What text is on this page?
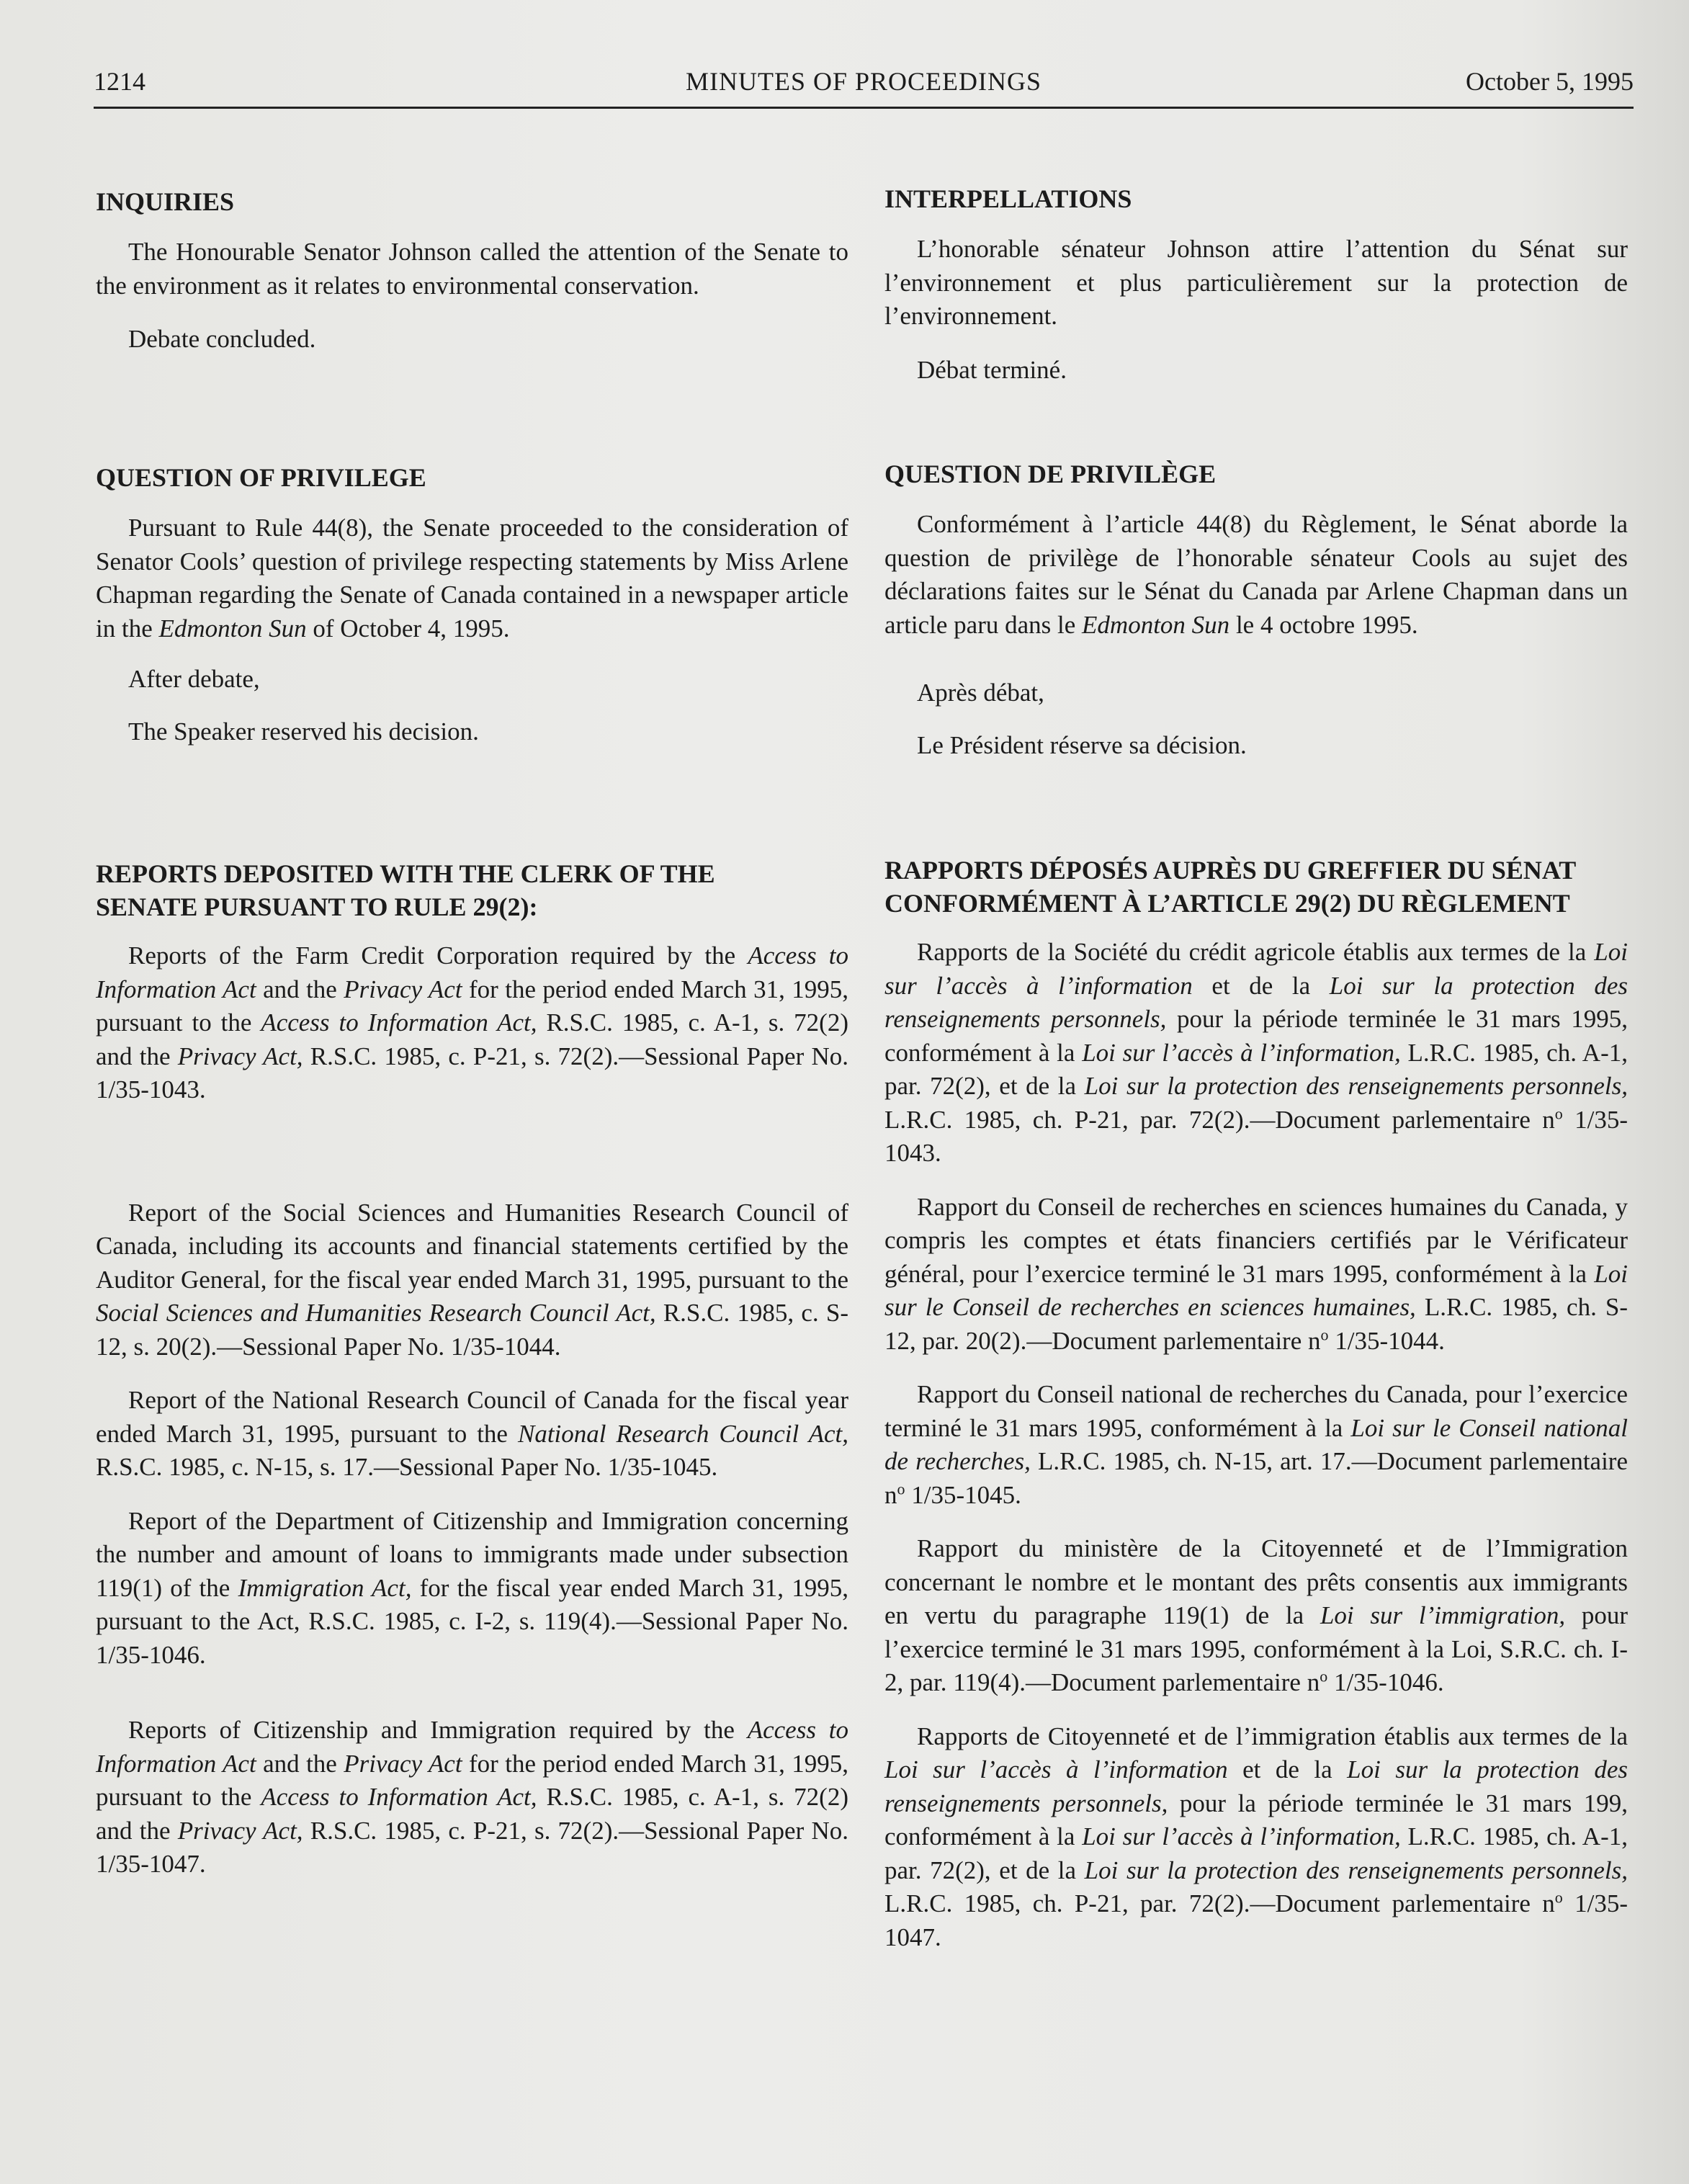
1214	MINUTES OF PROCEEDINGS	October 5, 1995
INQUIRIES

The Honourable Senator Johnson called the attention of the Senate to the environment as it relates to environmental conservation.

Debate concluded.

QUESTION OF PRIVILEGE

Pursuant to Rule 44(8), the Senate proceeded to the consideration of Senator Cools’ question of privilege respecting statements by Miss Arlene Chapman regarding the Senate of Canada contained in a newspaper article in the Edmonton Sun of October 4, 1995.

After debate,

The Speaker reserved his decision.

REPORTS DEPOSITED WITH THE CLERK OF THE
SENATE PURSUANT TO RULE 29(2):

Reports of the Farm Credit Corporation required by the Access to Information Act and the Privacy Act for the period ended March 31, 1995, pursuant to the Access to Information Act, R.S.C. 1985, c. A-1, s. 72(2) and the Privacy Act, R.S.C. 1985, c. P-21, s. 72(2).—Sessional Paper No. 1/35-1043.

Report of the Social Sciences and Humanities Research Council of Canada, including its accounts and financial statements certified by the Auditor General, for the fiscal year ended March 31, 1995, pursuant to the Social Sciences and Humanities Research Council Act, R.S.C. 1985, c. S-12, s. 20(2).—Sessional Paper No. 1/35-1044.

Report of the National Research Council of Canada for the fiscal year ended March 31, 1995, pursuant to the National Research Council Act, R.S.C. 1985, c. N-15, s. 17.—Sessional Paper No. 1/35-1045.

Report of the Department of Citizenship and Immigration concerning the number and amount of loans to immigrants made under subsection 119(1) of the Immigration Act, for the fiscal year ended March 31, 1995, pursuant to the Act, R.S.C. 1985, c. I-2, s. 119(4).—Sessional Paper No. 1/35-1046.

Reports of Citizenship and Immigration required by the Access to Information Act and the Privacy Act for the period ended March 31, 1995, pursuant to the Access to Information Act, R.S.C. 1985, c. A-1, s. 72(2) and the Privacy Act, R.S.C. 1985, c. P-21, s. 72(2).—Sessional Paper No. 1/35-1047.

INTERPELLATIONS

L’honorable sénateur Johnson attire l’attention du Sénat sur l’environnement et plus particulièrement sur la protection de l’environnement.

Débat terminé.

QUESTION DE PRIVILÈGE

Conformément à l’article 44(8) du Règlement, le Sénat aborde la question de privilège de l’honorable sénateur Cools au sujet des déclarations faites sur le Sénat du Canada par Arlene Chapman dans un article paru dans le Edmonton Sun le 4 octobre 1995.

Après débat,

Le Président réserve sa décision.

RAPPORTS DÉPOSÉS AUPRÈS DU GREFFIER DU SÉNAT
CONFORMÉMENT À L’ARTICLE 29(2) DU RÈGLEMENT

Rapports de la Société du crédit agricole établis aux termes de la Loi sur l’accès à l’information et de la Loi sur la protection des renseignements personnels, pour la période terminée le 31 mars 1995, conformément à la Loi sur l’accès à l’information, L.R.C. 1985, ch. A-1, par. 72(2), et de la Loi sur la protection des renseignements personnels, L.R.C. 1985, ch. P-21, par. 72(2).—Document parlementaire $n^o$ 1/35-1043.

Rapport du Conseil de recherches en sciences humaines du Canada, y compris les comptes et états financiers certifiés par le Vérificateur général, pour l’exercice terminé le 31 mars 1995, conformément à la Loi sur le Conseil de recherches en sciences humaines, L.R.C. 1985, ch. S-12, par. 20(2).—Document parlementaire $n^o$ 1/35-1044.

Rapport du Conseil national de recherches du Canada, pour l’exercice terminé le 31 mars 1995, conformément à la Loi sur le Conseil national de recherches, L.R.C. 1985, ch. N-15, art. 17.—Document parlementaire $n^o$ 1/35-1045.

Rapport du ministère de la Citoyenneté et de l’Immigration concernant le nombre et le montant des prêts consentis aux immigrants en vertu du paragraphe 119(1) de la Loi sur l’immigration, pour l’exercice terminé le 31 mars 1995, conformément à la Loi, S.R.C. ch. I-2, par. 119(4).—Document parlementaire $n^o$ 1/35-1046.

Rapports de Citoyenneté et de l’immigration établis aux termes de la Loi sur l’accès à l’information et de la Loi sur la protection des renseignements personnels, pour la période terminée le 31 mars 199, conformément à la Loi sur l’accès à l’information, L.R.C. 1985, ch. A-1, par. 72(2), et de la Loi sur la protection des renseignements personnels, L.R.C. 1985, ch. P-21, par. 72(2).—Document parlementaire $n^o$ 1/35-1047.
